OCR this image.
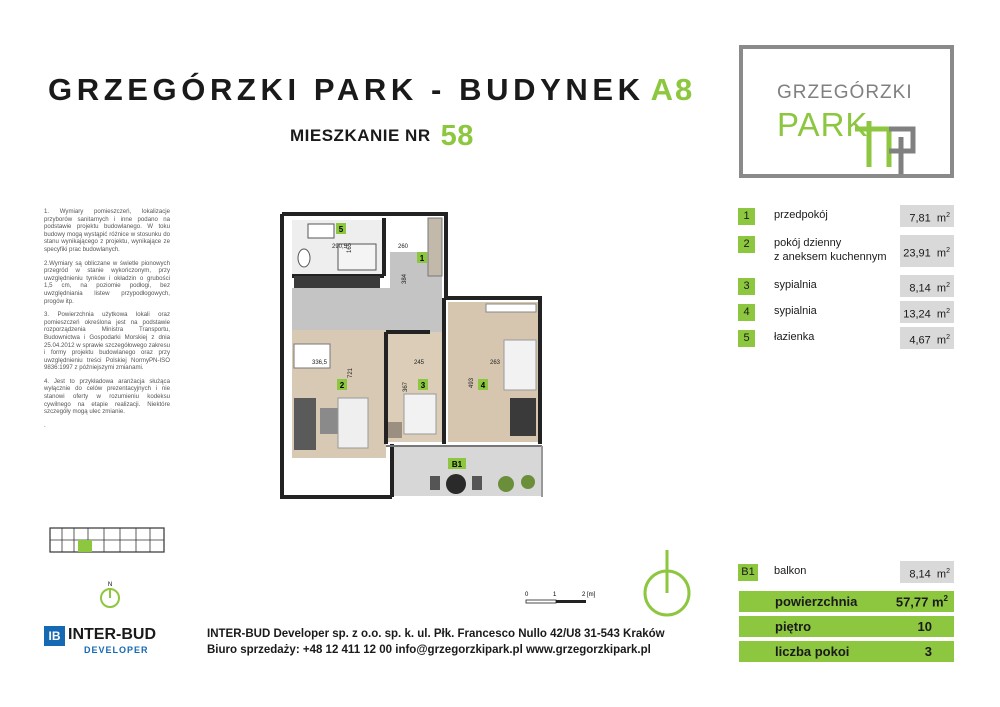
GRZEGÓRZKI PARK - BUDYNEK A8
MIESZKANIE NR 58
GRZEGÓRZKI
PARK

1. Wymiary pomieszczeń, lokalizacje przyborów sanitarnych i inne podano na podstawie projektu budowlanego. W toku budowy mogą wystąpić różnice w stosunku do stanu wynikającego z projektu, wynikające ze specyfiki prac budowlanych.

2.Wymiary są obliczane w świetle pionowych przegród w stanie wykończonym, przy uwzględnieniu tynków i okładzin o grubości 1,5 cm, na poziomie podłogi, bez uwzględniania listew przypodłogowych, progów itp.

3. Powierzchnia użytkowa lokali oraz pomieszczeń określona jest na podstawie rozporządzenia Ministra Transportu, Budownictwa i Gospodarki Morskiej z dnia 25.04.2012 w sprawie szczegółowego zakresu i formy projektu budowlanego oraz przy uwzględnieniu treści Polskiej NormyPN-ISO 9836:1997 z późniejszymi zmianami.

4. Jest to przykładowa aranżacja służąca wyłącznie do celów prezentacyjnych i nie stanowi oferty w rozumieniu kodeksu cywilnego na etapie realizacji. Niektóre szczegóły mogą ulec zmianie.

.

5
1
2	3	4
B1
290,5 165	260
384
336,5
721
245
367
263
493
N
0	1	2 [m]
1	przedpokój	7,81 $m^2$
2	pokój dzienny
z aneksem kuchennym 23,91 $m^2$
3	sypialnia	8,14 $m^2$
4	sypialnia	13,24 $m^2$
5	łazienka	4,67 $m^2$
B1 balkon	8,14 $m^2$
powierzchnia	57,77 $m^2$
piętro	10
liczba pokoi	3
IB INTER-BUD
DEVELOPER
INTER-BUD Developer sp. z o.o. sp. k. ul. Płk. Francesco Nullo 42/U8 31-543 Kraków
Biuro sprzedaży: +48 12 411 12 00 info@grzegorzkipark.pl www.grzegorzkipark.pl
